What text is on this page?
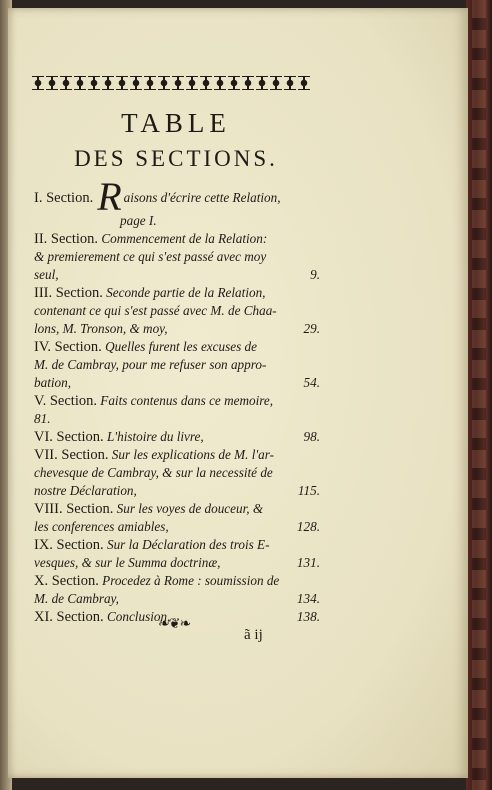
TABLE
DES SECTIONS.
I. Section. R aisons d'écrire cette Relation,
page I.
II. Section. Commencement de la Relation:
& premierement ce qui s'est passé avec moy
seul,	9.
III. Section. Seconde partie de la Relation,
contenant ce qui s'est passé avec M. de Chaa-
lons, M. Tronson, & moy,	29.
IV. Section. Quelles furent les excuses de
M. de Cambray, pour me refuser son appro-
bation,	54.
V. Section. Faits contenus dans ce memoire,
81.
VI. Section. L'histoire du livre,	98.
VII. Section. Sur les explications de M. l'ar-
chevesque de Cambray, & sur la necessité de
nostre Déclaration,	115.
VIII. Section. Sur les voyes de douceur, &
les conferences amiables,	128.
IX. Section. Sur la Déclaration des trois E-
vesques, & sur le Summa doctrinæ,	131.
X. Section. Procedez à Rome : soumission de
M. de Cambray,	134.
XI. Section. Conclusion,	138.
❧❦❧
ã ij
